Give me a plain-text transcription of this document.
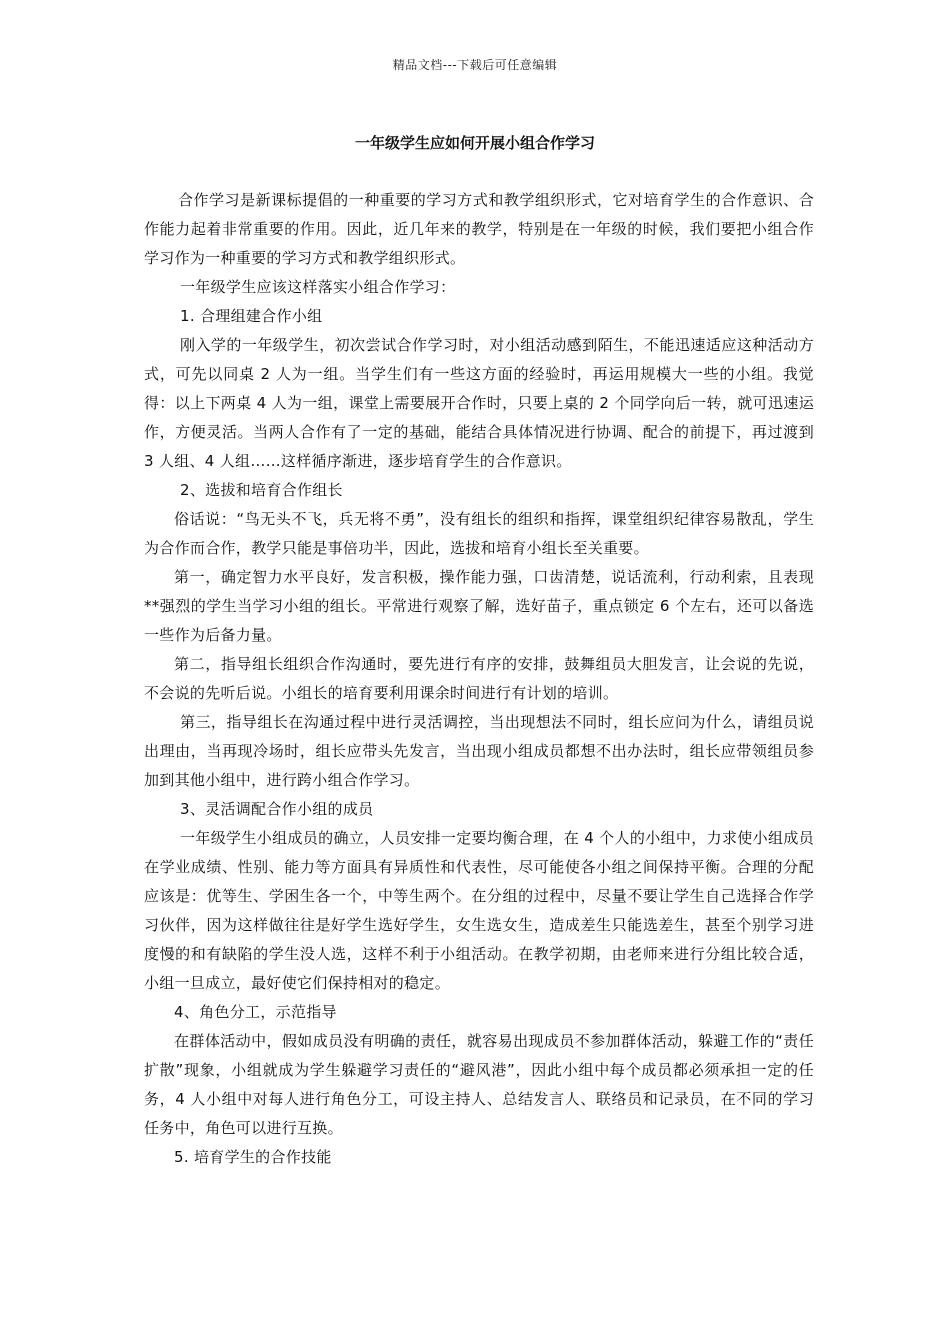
精品文档---下载后可任意编辑
一年级学生应如何开展小组合作学习

合作学习是新课标提倡的一种重要的学习方式和教学组织形式，它对培育学生的合作意识、合作能力起着非常重要的作用。因此，近几年来的教学，特别是在一年级的时候，我们要把小组合作学习作为一种重要的学习方式和教学组织形式。

一年级学生应该这样落实小组合作学习：

1. 合理组建合作小组

刚入学的一年级学生，初次尝试合作学习时，对小组活动感到陌生，不能迅速适应这种活动方式，可先以同桌 2 人为一组。当学生们有一些这方面的经验时，再运用规模大一些的小组。我觉得：以上下两桌 4 人为一组，课堂上需要展开合作时，只要上桌的 2 个同学向后一转，就可迅速运作，方便灵活。当两人合作有了一定的基础，能结合具体情况进行协调、配合的前提下，再过渡到 3 人组、4 人组……这样循序渐进，逐步培育学生的合作意识。

2、选拔和培育合作组长

俗话说：“鸟无头不飞，兵无将不勇”，没有组长的组织和指挥，课堂组织纪律容易散乱，学生为合作而合作，教学只能是事倍功半，因此，选拔和培育小组长至关重要。

第一，确定智力水平良好，发言积极，操作能力强，口齿清楚，说话流利，行动利索，且表现**强烈的学生当学习小组的组长。平常进行观察了解，选好苗子，重点锁定 6 个左右，还可以备选一些作为后备力量。

第二，指导组长组织合作沟通时，要先进行有序的安排，鼓舞组员大胆发言，让会说的先说，不会说的先听后说。小组长的培育要利用课余时间进行有计划的培训。

第三，指导组长在沟通过程中进行灵活调控，当出现想法不同时，组长应问为什么，请组员说出理由，当再现冷场时，组长应带头先发言，当出现小组成员都想不出办法时，组长应带领组员参加到其他小组中，进行跨小组合作学习。

3、灵活调配合作小组的成员

一年级学生小组成员的确立，人员安排一定要均衡合理，在 4 个人的小组中，力求使小组成员在学业成绩、性别、能力等方面具有异质性和代表性，尽可能使各小组之间保持平衡。合理的分配应该是：优等生、学困生各一个，中等生两个。在分组的过程中，尽量不要让学生自己选择合作学习伙伴，因为这样做往往是好学生选好学生，女生选女生，造成差生只能选差生，甚至个别学习进度慢的和有缺陷的学生没人选，这样不利于小组活动。在教学初期，由老师来进行分组比较合适，小组一旦成立，最好使它们保持相对的稳定。

4、角色分工，示范指导

在群体活动中，假如成员没有明确的责任，就容易出现成员不参加群体活动，躲避工作的“责任扩散”现象，小组就成为学生躲避学习责任的“避风港”，因此小组中每个成员都必须承担一定的任务，4 人小组中对每人进行角色分工，可设主持人、总结发言人、联络员和记录员，在不同的学习任务中，角色可以进行互换。

5. 培育学生的合作技能
